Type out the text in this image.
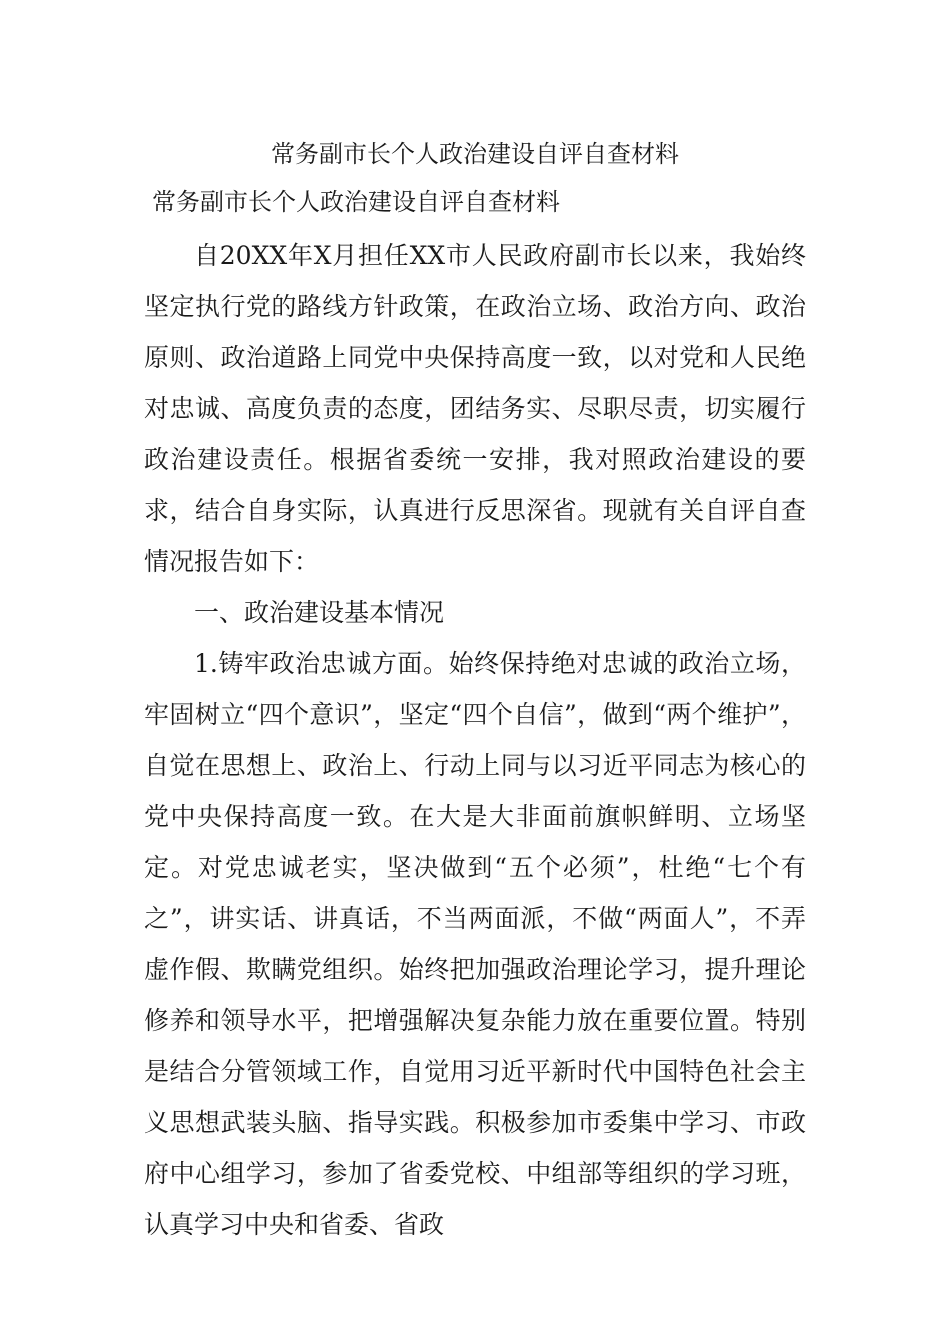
常务副市长个人政治建设自评自查材料
常务副市长个人政治建设自评自查材料

自20XX年X月担任XX市人民政府副市长以来，我始终坚定执行党的路线方针政策，在政治立场、政治方向、政治原则、政治道路上同党中央保持高度一致，以对党和人民绝对忠诚、高度负责的态度，团结务实、尽职尽责，切实履行政治建设责任。根据省委统一安排，我对照政治建设的要求，结合自身实际，认真进行反思深省。现就有关自评自查情况报告如下：

一、政治建设基本情况

1.铸牢政治忠诚方面。始终保持绝对忠诚的政治立场，牢固树立“四个意识”，坚定“四个自信”，做到“两个维护”，自觉在思想上、政治上、行动上同与以习近平同志为核心的党中央保持高度一致。在大是大非面前旗帜鲜明、立场坚定。对党忠诚老实，坚决做到“五个必须”，杜绝“七个有之”，讲实话、讲真话，不当两面派，不做“两面人”，不弄虚作假、欺瞒党组织。始终把加强政治理论学习，提升理论修养和领导水平，把增强解决复杂能力放在重要位置。特别是结合分管领域工作，自觉用习近平新时代中国特色社会主义思想武装头脑、指导实践。积极参加市委集中学习、市政府中心组学习，参加了省委党校、中组部等组织的学习班，认真学习中央和省委、省政
